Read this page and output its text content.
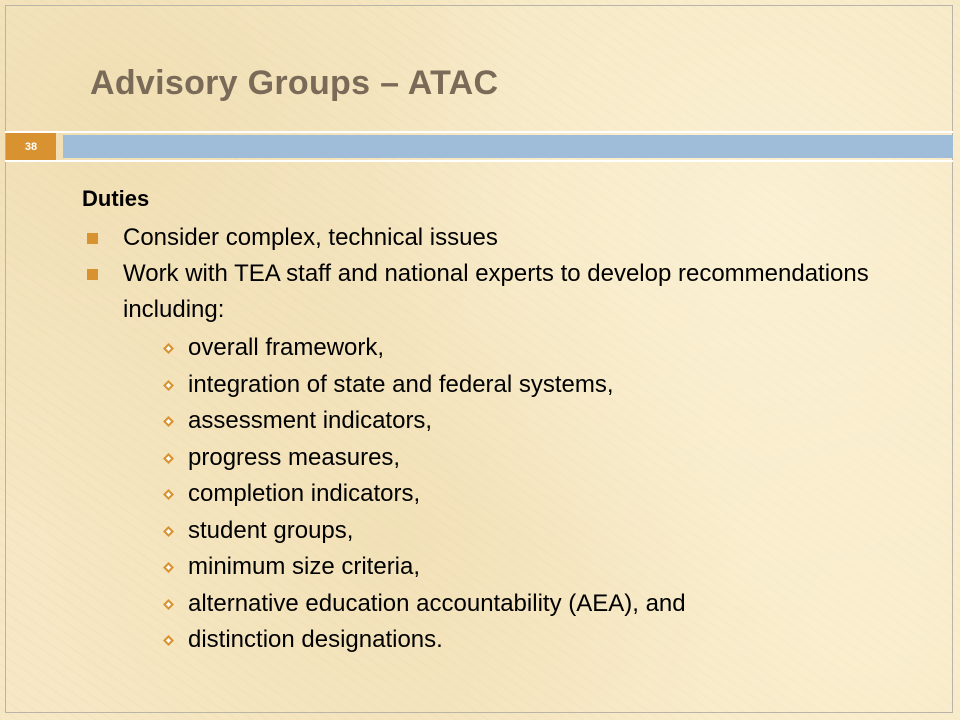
Advisory Groups – ATAC
38
Duties
Consider complex, technical issues
Work with TEA staff and national experts to develop recommendations including:
overall framework,
integration of state and federal systems,
assessment indicators,
progress measures,
completion indicators,
student groups,
minimum size criteria,
alternative education accountability (AEA), and
distinction designations.
